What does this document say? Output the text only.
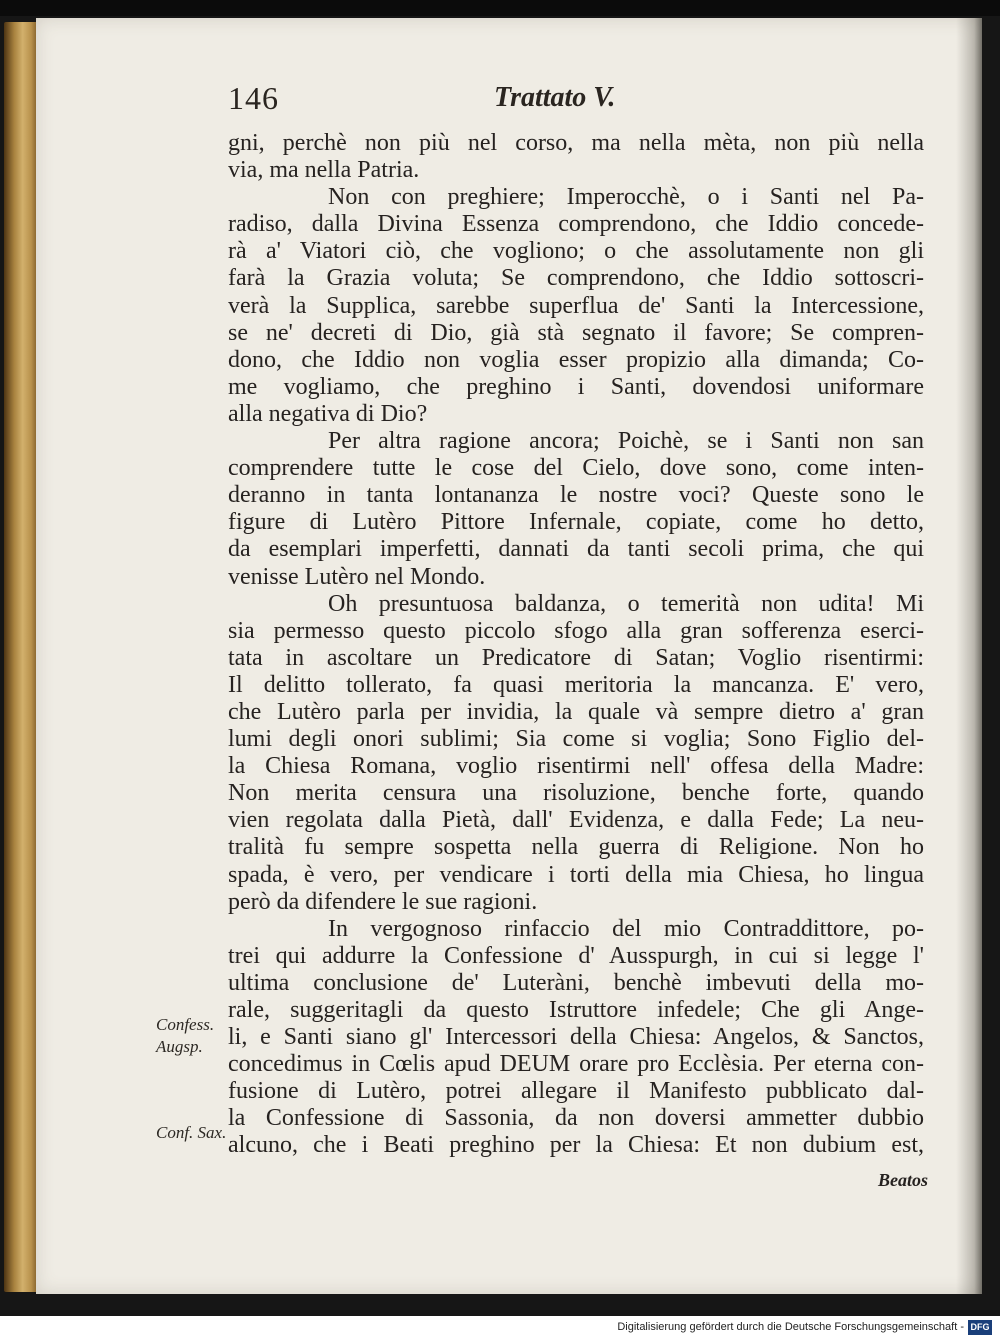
146	Trattato V.
gni, perchè non più nel corso, ma nella mèta, non più nella
via, ma nella Patria.
Non con preghiere; Imperocchè, o i Santi nel Pa-
radiso, dalla Divina Essenza comprendono, che Iddio concede-
rà a' Viatori ciò, che vogliono; o che assolutamente non gli
farà la Grazia voluta; Se comprendono, che Iddio sottoscri-
verà la Supplica, sarebbe superflua de' Santi la Intercessione,
se ne' decreti di Dio, già stà segnato il favore; Se compren-
dono, che Iddio non voglia esser propizio alla dimanda; Co-
me vogliamo, che preghino i Santi, dovendosi uniformare
alla negativa di Dio?
Per altra ragione ancora; Poichè, se i Santi non san
comprendere tutte le cose del Cielo, dove sono, come inten-
deranno in tanta lontananza le nostre voci? Queste sono le
figure di Lutèro Pittore Infernale, copiate, come ho detto,
da esemplari imperfetti, dannati da tanti secoli prima, che qui
venisse Lutèro nel Mondo.
Oh presuntuosa baldanza, o temerità non udita! Mi
sia permesso questo piccolo sfogo alla gran sofferenza eserci-
tata in ascoltare un Predicatore di Satan; Voglio risentirmi:
Il delitto tollerato, fa quasi meritoria la mancanza. E' vero,
che Lutèro parla per invidia, la quale và sempre dietro a' gran
lumi degli onori sublimi; Sia come si voglia; Sono Figlio del-
la Chiesa Romana, voglio risentirmi nell' offesa della Madre:
Non merita censura una risoluzione, benche forte, quando
vien regolata dalla Pietà, dall' Evidenza, e dalla Fede; La neu-
tralità fu sempre sospetta nella guerra di Religione. Non ho
spada, è vero, per vendicare i torti della mia Chiesa, ho lingua
però da difendere le sue ragioni.
In vergognoso rinfaccio del mio Contraddittore, po-
trei qui addurre la Confessione d' Ausspurgh, in cui si legge l'
ultima conclusione de' Luteràni, benchè imbevuti della mo-
rale, suggeritagli da questo Istruttore infedele; Che gli Ange-
li, e Santi siano gl' Intercessori della Chiesa: Angelos, & Sanctos,
concedimus in Cœlis apud DEUM orare pro Ecclèsia. Per eterna con-
fusione di Lutèro, potrei allegare il Manifesto pubblicato dal-
la Confessione di Sassonia, da non doversi ammetter dubbio
alcuno, che i Beati preghino per la Chiesa: Et non dubium est,
Confess.
Augsp.
Conf. Sax.
Beatos
Digitalisierung gefördert durch die Deutsche Forschungsgemeinschaft - DFG
